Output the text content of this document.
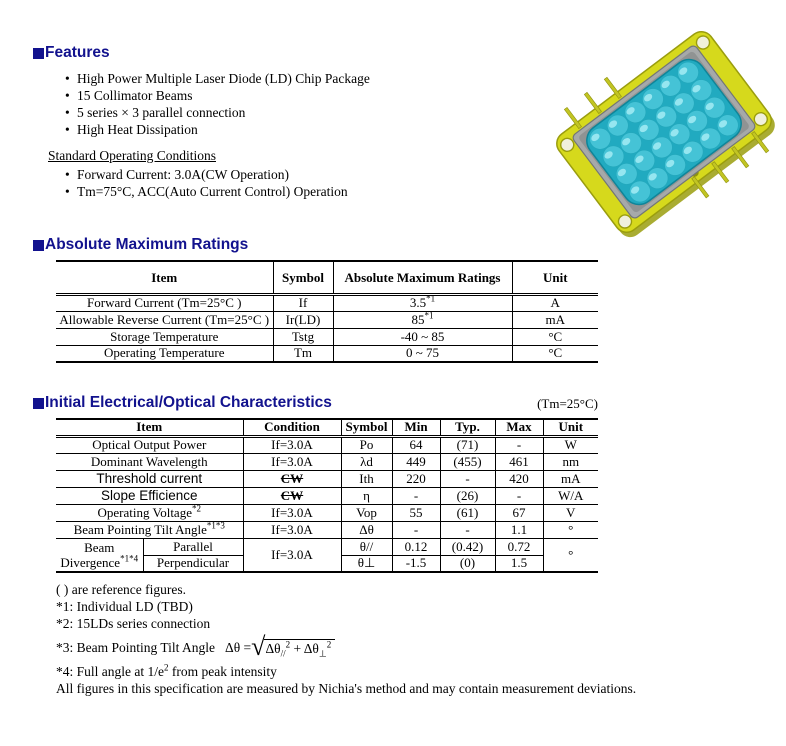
Features
• High Power Multiple Laser Diode (LD) Chip Package
• 15 Collimator Beams
• 5 series × 3 parallel connection
• High Heat Dissipation
Standard Operating Conditions
• Forward Current: 3.0A(CW Operation)
• Tm=75°C, ACC(Auto Current Control) Operation
Absolute Maximum Ratings
Item	Symbol	Absolute Maximum Ratings	Unit
Forward Current (Tm=25°C )	If	3.5$^{*1}$	A
Allowable Reverse Current (Tm=25°C )	Ir(LD)	85$^{*1}$	mA
Storage Temperature	Tstg	-40 ~ 85	°C
Operating Temperature	Tm	0 ~ 75	°C
Initial Electrical/Optical Characteristics	(Tm=25°C)
Item		Condition	Symbol	Min	Typ.	Max	Unit
Optical Output Power		If=3.0A	Po	64	(71)	-	W
Dominant Wavelength		If=3.0A	λd	449	(455)	461	nm
Threshold current		CW	Ith	220	-	420	mA
Slope Efficience		CW	η	-	(26)	-	W/A
Operating Voltage$^{*2}$		If=3.0A	Vop	55	(61)	67	V
Beam Pointing Tilt Angle$^{*1*3}$		If=3.0A	Δθ	-	-	1.1	°
Beam
Divergence$^{*1*4}$	Parallel	If=3.0A	θ//	0.12	(0.42)	0.72	°
	Perpendicular		θ⊥	-1.5	(0)	1.5	
( ) are reference figures.
*1: Individual LD (TBD)
*2: 15LDs series connection
*3: Beam Pointing Tilt Angle Δθ = √ $\Delta\theta_{//}^2 + \Delta\theta_\perp^2$
*4: Full angle at $1/e^2$ from peak intensity
All figures in this specification are measured by Nichia's method and may contain measurement deviations.
